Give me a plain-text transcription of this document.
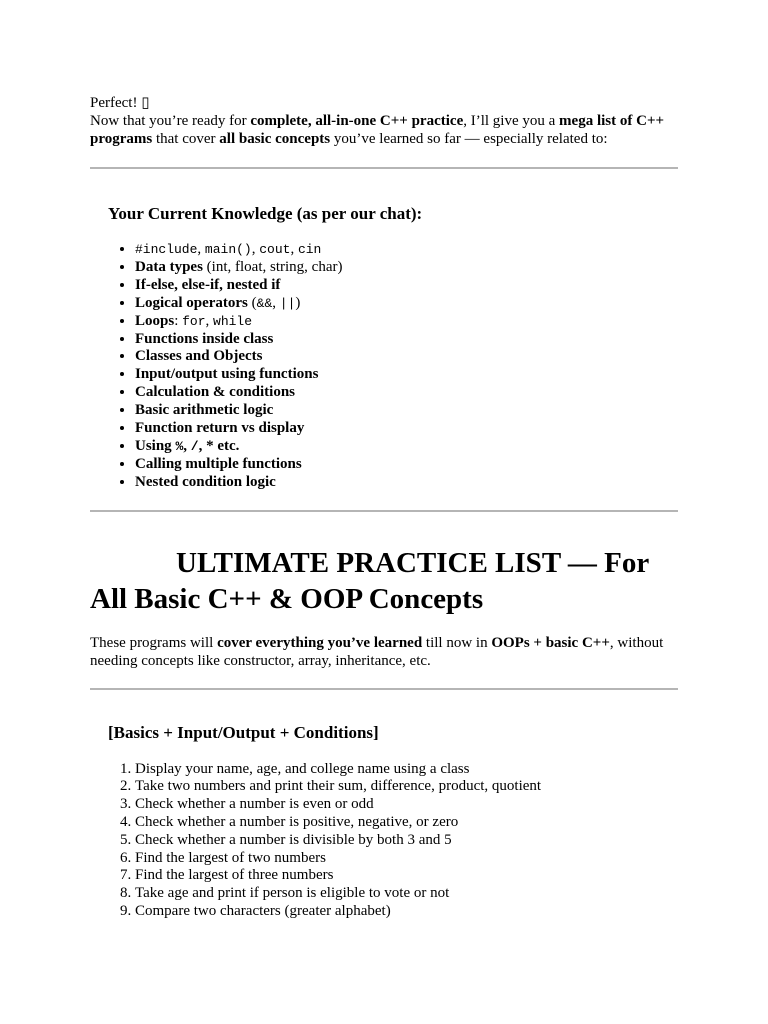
Perfect! ▯

Now that you’re ready for complete, all-in-one C++ practice, I’ll give you a mega list of C++ programs that cover all basic concepts you’ve learned so far — especially related to:

Your Current Knowledge (as per our chat):
• #include, main(), cout, cin
• Data types (int, float, string, char)
• If-else, else-if, nested if
• Logical operators (&&, ||)
• Loops: for, while
• Functions inside class
• Classes and Objects
• Input/output using functions
• Calculation & conditions
• Basic arithmetic logic
• Function return vs display
• Using %, /, * etc.
• Calling multiple functions
• Nested condition logic
ULTIMATE PRACTICE LIST — For
All Basic C++ & OOP Concepts

These programs will cover everything you’ve learned till now in OOPs + basic C++, without needing concepts like constructor, array, inheritance, etc.

[Basics + Input/Output + Conditions]
1. Display your name, age, and college name using a class
2. Take two numbers and print their sum, difference, product, quotient
3. Check whether a number is even or odd
4. Check whether a number is positive, negative, or zero
5. Check whether a number is divisible by both 3 and 5
6. Find the largest of two numbers
7. Find the largest of three numbers
8. Take age and print if person is eligible to vote or not
9. Compare two characters (greater alphabet)
